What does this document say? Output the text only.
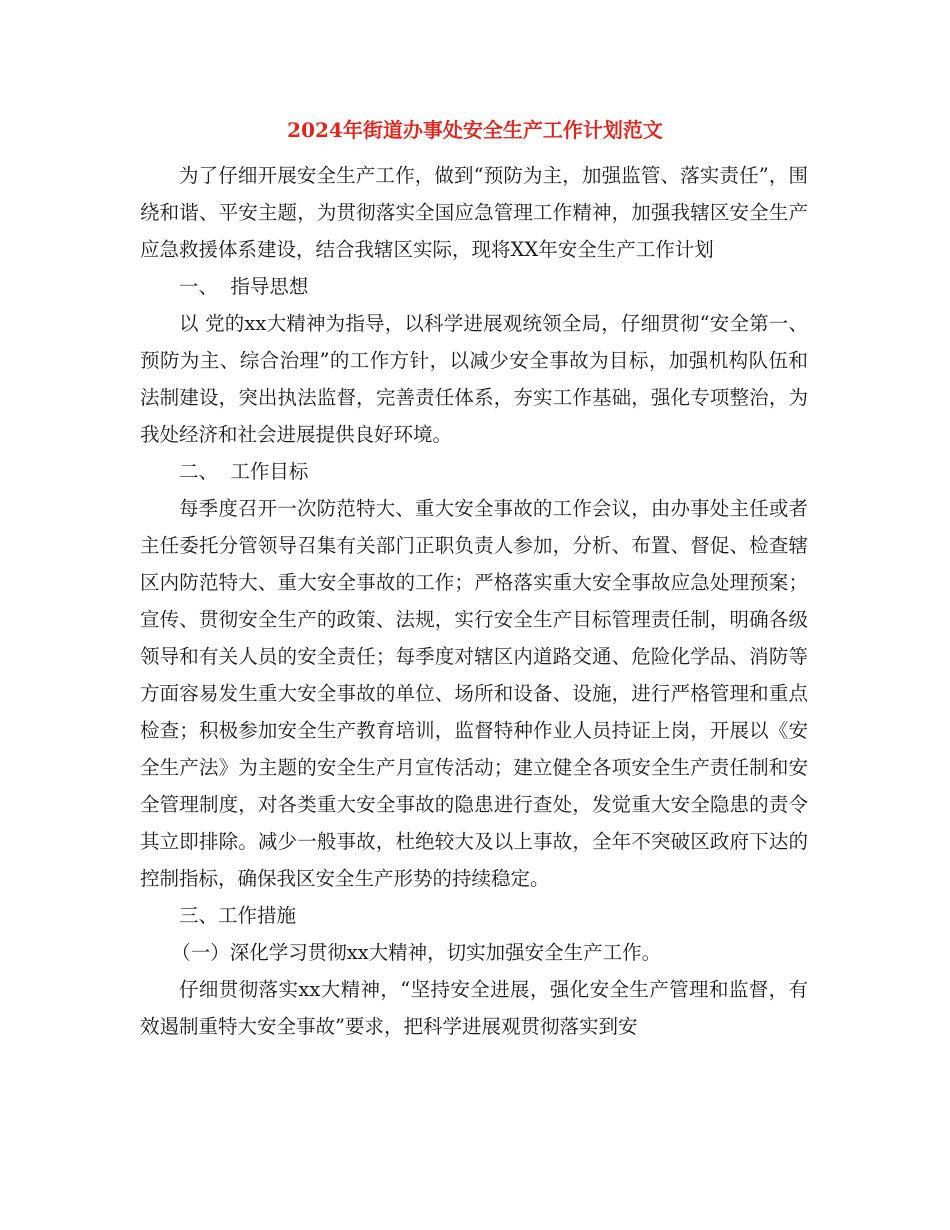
2024年街道办事处安全生产工作计划范文

为了仔细开展安全生产工作，做到“预防为主，加强监管、落实责任”，围绕和谐、平安主题，为贯彻落实全国应急管理工作精神，加强我辖区安全生产应急救援体系建设，结合我辖区实际，现将XX年安全生产工作计划

一、  指导思想

以 党的xx大精神为指导，以科学进展观统领全局，仔细贯彻“安全第一、预防为主、综合治理”的工作方针，以减少安全事故为目标，加强机构队伍和法制建设，突出执法监督，完善责任体系，夯实工作基础，强化专项整治，为我处经济和社会进展提供良好环境。

二、  工作目标

每季度召开一次防范特大、重大安全事故的工作会议，由办事处主任或者主任委托分管领导召集有关部门正职负责人参加，分析、布置、督促、检查辖区内防范特大、重大安全事故的工作；严格落实重大安全事故应急处理预案；宣传、贯彻安全生产的政策、法规，实行安全生产目标管理责任制，明确各级领导和有关人员的安全责任；每季度对辖区内道路交通、危险化学品、消防等方面容易发生重大安全事故的单位、场所和设备、设施，进行严格管理和重点检查；积极参加安全生产教育培训，监督特种作业人员持证上岗，开展以《安全生产法》为主题的安全生产月宣传活动；建立健全各项安全生产责任制和安全管理制度，对各类重大安全事故的隐患进行查处，发觉重大安全隐患的责令其立即排除。减少一般事故，杜绝较大及以上事故，全年不突破区政府下达的控制指标，确保我区安全生产形势的持续稳定。

三、工作措施

（一）深化学习贯彻xx大精神，切实加强安全生产工作。

仔细贯彻落实xx大精神，“坚持安全进展，强化安全生产管理和监督，有效遏制重特大安全事故”要求，把科学进展观贯彻落实到安
